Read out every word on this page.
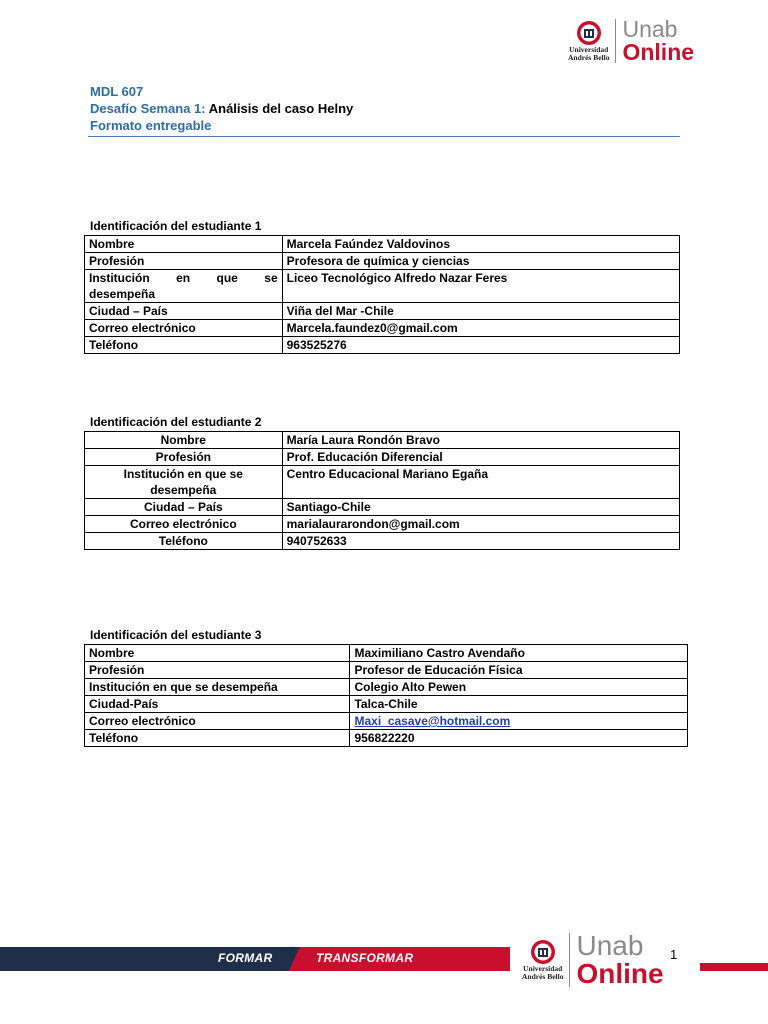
Universidad
Andrés Bello
Unab
Online
MDL 607
Desafío Semana 1: Análisis del caso Helny
Formato entregable
Identificación del estudiante 1
Nombre	Marcela Faúndez Valdovinos
Profesión	Profesora de química y ciencias
Institución en que se desempeña	Liceo Tecnológico Alfredo Nazar Feres
Ciudad – País	Viña del Mar -Chile
Correo electrónico	Marcela.faundez0@gmail.com
Teléfono	963525276
Identificación del estudiante 2
Nombre	María Laura Rondón Bravo
Profesión	Prof. Educación Diferencial
Institución en que se desempeña	Centro Educacional Mariano Egaña
Ciudad – País	Santiago-Chile
Correo electrónico	marialaurarondon@gmail.com
Teléfono	940752633
Identificación del estudiante 3
Nombre	Maximiliano Castro Avendaño
Profesión	Profesor de Educación Física
Institución en que se desempeña	Colegio Alto Pewen
Ciudad-País	Talca-Chile
Correo electrónico	Maxi_casave@hotmail.com
Teléfono	956822220
FORMAR	TRANSFORMAR
Universidad
Andrés Bello
Unab
Online
1
